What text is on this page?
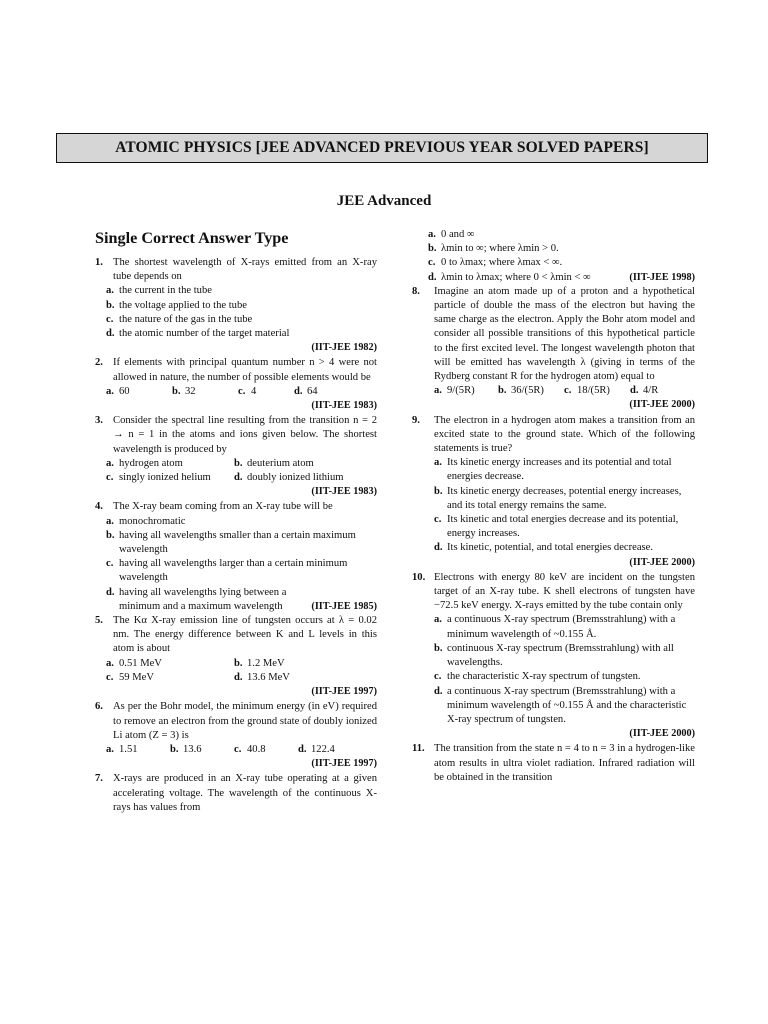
ATOMIC PHYSICS [JEE ADVANCED PREVIOUS YEAR SOLVED PAPERS]
JEE Advanced
Single Correct Answer Type
1. The shortest wavelength of X-rays emitted from an X-ray tube depends on
a. the current in the tube
b. the voltage applied to the tube
c. the nature of the gas in the tube
d. the atomic number of the target material
(IIT-JEE 1982)
2. If elements with principal quantum number n > 4 were not allowed in nature, the number of possible elements would be
a. 60	b. 32	c. 4	d. 64
(IIT-JEE 1983)
3. Consider the spectral line resulting from the transition n = 2 → n = 1 in the atoms and ions given below. The shortest wavelength is produced by
a. hydrogen atom	b. deuterium atom
c. singly ionized helium	d. doubly ionized lithium
(IIT-JEE 1983)
4. The X-ray beam coming from an X-ray tube will be
a. monochromatic
b. having all wavelengths smaller than a certain maximum wavelength
c. having all wavelengths larger than a certain minimum wavelength
d. having all wavelengths lying between a minimum and a maximum wavelength	(IIT-JEE 1985)
5. The Kα X-ray emission line of tungsten occurs at λ = 0.02 nm. The energy difference between K and L levels in this atom is about
a. 0.51 MeV	b. 1.2 MeV
c. 59 MeV	d. 13.6 MeV
(IIT-JEE 1997)
6. As per the Bohr model, the minimum energy (in eV) required to remove an electron from the ground state of doubly ionized Li atom (Z = 3) is
a. 1.51	b. 13.6	c. 40.8	d. 122.4
(IIT-JEE 1997)
7. X-rays are produced in an X-ray tube operating at a given accelerating voltage. The wavelength of the continuous X-rays has values from
a. 0 and ∞
b. λmin to ∞; where λmin > 0.
c. 0 to λmax; where λmax < ∞.
d. λmin to λmax; where 0 < λmin < ∞	(IIT-JEE 1998)
8. Imagine an atom made up of a proton and a hypothetical particle of double the mass of the electron but having the same charge as the electron. Apply the Bohr atom model and consider all possible transitions of this hypothetical particle to the first excited level. The longest wavelength photon that will be emitted has wavelength λ (giving in terms of the Rydberg constant R for the hydrogen atom) equal to
a. 9/(5R)	b. 36/(5R)	c. 18/(5R)	d. 4/R
(IIT-JEE 2000)
9. The electron in a hydrogen atom makes a transition from an excited state to the ground state. Which of the following statements is true?
a. Its kinetic energy increases and its potential and total energies decrease.
b. Its kinetic energy decreases, potential energy increases, and its total energy remains the same.
c. Its kinetic and total energies decrease and its potential, energy increases.
d. Its kinetic, potential, and total energies decrease.
(IIT-JEE 2000)
10. Electrons with energy 80 keV are incident on the tungsten target of an X-ray tube. K shell electrons of tungsten have −72.5 keV energy. X-rays emitted by the tube contain only
a. a continuous X-ray spectrum (Bremsstrahlung) with a minimum wavelength of ~0.155 Å.
b. continuous X-ray spectrum (Bremsstrahlung) with all wavelengths.
c. the characteristic X-ray spectrum of tungsten.
d. a continuous X-ray spectrum (Bremsstrahlung) with a minimum wavelength of ~0.155 Å and the characteristic X-ray spectrum of tungsten.
(IIT-JEE 2000)
11. The transition from the state n = 4 to n = 3 in a hydrogen-like atom results in ultra violet radiation. Infrared radiation will be obtained in the transition
